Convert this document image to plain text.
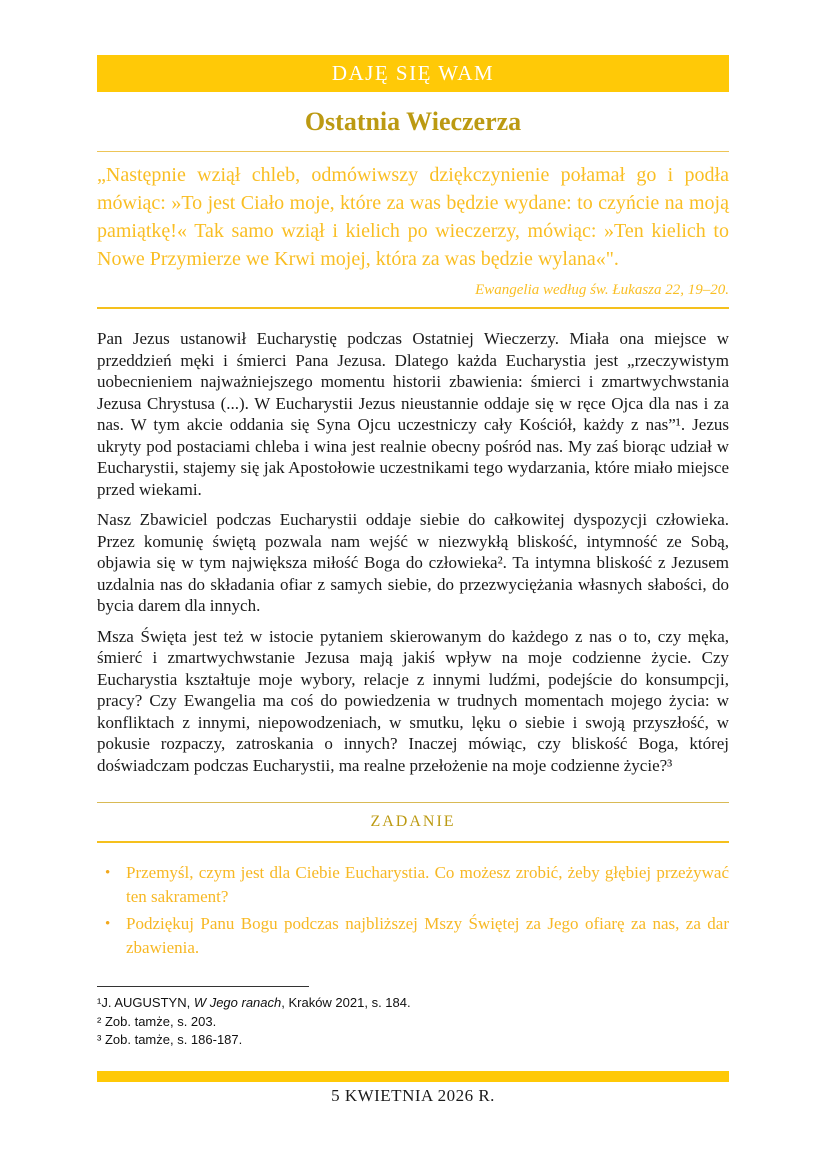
DAJĘ SIĘ WAM
Ostatnia Wieczerza
„Następnie wziął chleb, odmówiwszy dziękczynienie połamał go i podła mówiąc: »To jest Ciało moje, które za was będzie wydane: to czyńcie na moją pamiątkę!« Tak samo wziął i kielich po wieczerzy, mówiąc: »Ten kielich to Nowe Przymierze we Krwi mojej, która za was będzie wylana«".
Ewangelia według św. Łukasza 22, 19–20.

Pan Jezus ustanowił Eucharystię podczas Ostatniej Wieczerzy. Miała ona miejsce w przeddzień męki i śmierci Pana Jezusa. Dlatego każda Eucharystia jest „rzeczywistym uobecnieniem najważniejszego momentu historii zbawienia: śmierci i zmartwychwstania Jezusa Chrystusa (...). W Eucharystii Jezus nieustannie oddaje się w ręce Ojca dla nas i za nas. W tym akcie oddania się Syna Ojcu uczestniczy cały Kościół, każdy z nas”¹. Jezus ukryty pod postaciami chleba i wina jest realnie obecny pośród nas. My zaś biorąc udział w Eucharystii, stajemy się jak Apostołowie uczestnikami tego wydarzania, które miało miejsce przed wiekami.

Nasz Zbawiciel podczas Eucharystii oddaje siebie do całkowitej dyspozycji człowieka. Przez komunię świętą pozwala nam wejść w niezwykłą bliskość, intymność ze Sobą, objawia się w tym największa miłość Boga do człowieka². Ta intymna bliskość z Jezusem uzdalnia nas do składania ofiar z samych siebie, do przezwyciężania własnych słabości, do bycia darem dla innych.

Msza Święta jest też w istocie pytaniem skierowanym do każdego z nas o to, czy męka, śmierć i zmartwychwstanie Jezusa mają jakiś wpływ na moje codzienne życie. Czy Eucharystia kształtuje moje wybory, relacje z innymi ludźmi, podejście do konsumpcji, pracy? Czy Ewangelia ma coś do powiedzenia w trudnych momentach mojego życia: w konfliktach z innymi, niepowodzeniach, w smutku, lęku o siebie i swoją przyszłość, w pokusie rozpaczy, zatroskania o innych? Inaczej mówiąc, czy bliskość Boga, której doświadczam podczas Eucharystii, ma realne przełożenie na moje codzienne życie?³

ZADANIE
• Przemyśl, czym jest dla Ciebie Eucharystia. Co możesz zrobić, żeby głębiej przeżywać ten sakrament?
• Podziękuj Panu Bogu podczas najbliższej Mszy Świętej za Jego ofiarę za nas, za dar zbawienia.
¹J. AUGUSTYN, W Jego ranach, Kraków 2021, s. 184.
² Zob. tamże, s. 203.
³ Zob. tamże, s. 186-187.
5 KWIETNIA 2026 R.
